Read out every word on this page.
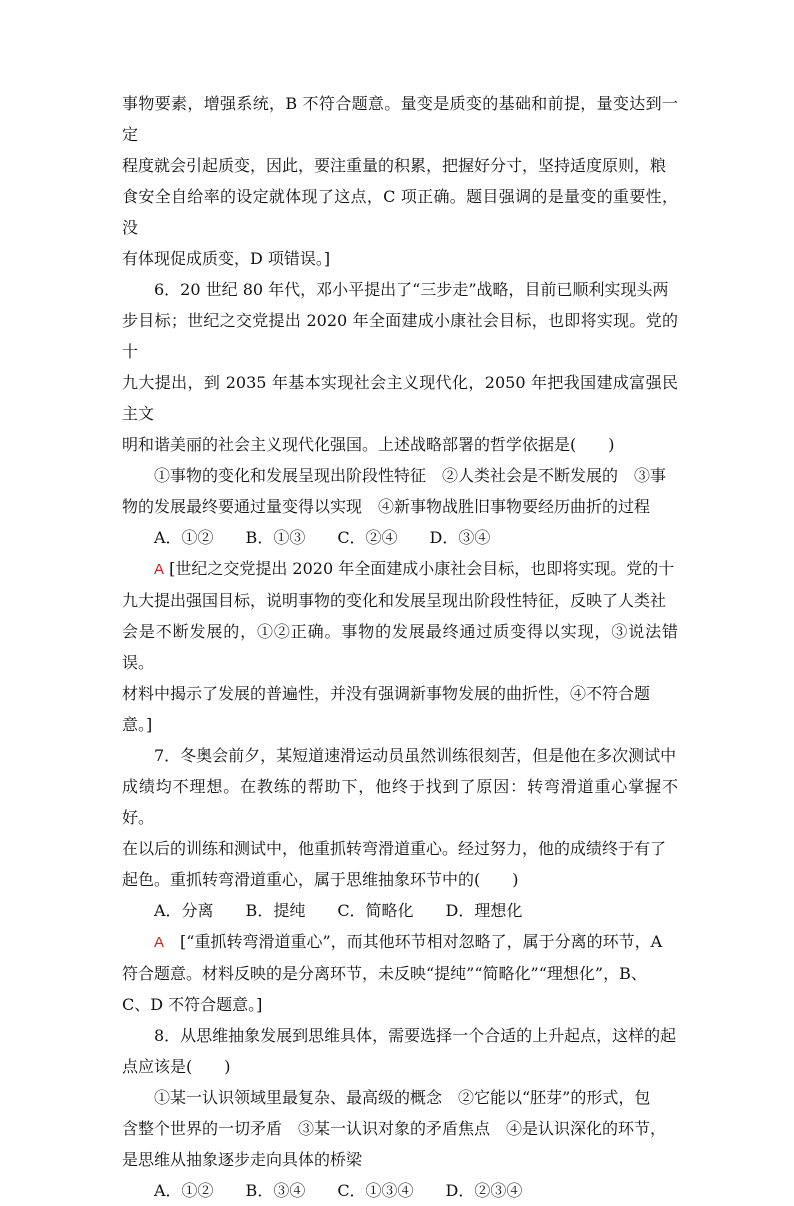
事物要素，增强系统，B 不符合题意。量变是质变的基础和前提，量变达到一定
程度就会引起质变，因此，要注重量的积累，把握好分寸，坚持适度原则，粮
食安全自给率的设定就体现了这点，C 项正确。题目强调的是量变的重要性，没
有体现促成质变，D 项错误。]

6．20 世纪 80 年代，邓小平提出了“三步走”战略，目前已顺利实现头两
步目标；世纪之交党提出 2020 年全面建成小康社会目标，也即将实现。党的十
九大提出，到 2035 年基本实现社会主义现代化，2050 年把我国建成富强民主文
明和谐美丽的社会主义现代化强国。上述战略部署的哲学依据是(　　)

①事物的变化和发展呈现出阶段性特征　②人类社会是不断发展的　③事
物的发展最终要通过量变得以实现　④新事物战胜旧事物要经历曲折的过程

A．①②　　B．①③　　C．②④　　D．③④

A [世纪之交党提出 2020 年全面建成小康社会目标，也即将实现。党的十
九大提出强国目标，说明事物的变化和发展呈现出阶段性特征，反映了人类社
会是不断发展的，①②正确。事物的发展最终通过质变得以实现，③说法错误。
材料中揭示了发展的普遍性，并没有强调新事物发展的曲折性，④不符合题
意。]

7．冬奥会前夕，某短道速滑运动员虽然训练很刻苦，但是他在多次测试中
成绩均不理想。在教练的帮助下，他终于找到了原因：转弯滑道重心掌握不好。
在以后的训练和测试中，他重抓转弯滑道重心。经过努力，他的成绩终于有了
起色。重抓转弯滑道重心，属于思维抽象环节中的(　　)

A．分离　　B．提纯　　C．简略化　　D．理想化

A　[“重抓转弯滑道重心”，而其他环节相对忽略了，属于分离的环节，A
符合题意。材料反映的是分离环节，未反映“提纯”“简略化”“理想化”，B、
C、D 不符合题意。]

8．从思维抽象发展到思维具体，需要选择一个合适的上升起点，这样的起
点应该是(　　)

①某一认识领域里最复杂、最高级的概念　②它能以“胚芽”的形式，包
含整个世界的一切矛盾　③某一认识对象的矛盾焦点　④是认识深化的环节，
是思维从抽象逐步走向具体的桥梁

A．①②　　B．③④　　C．①③④　　D．②③④
